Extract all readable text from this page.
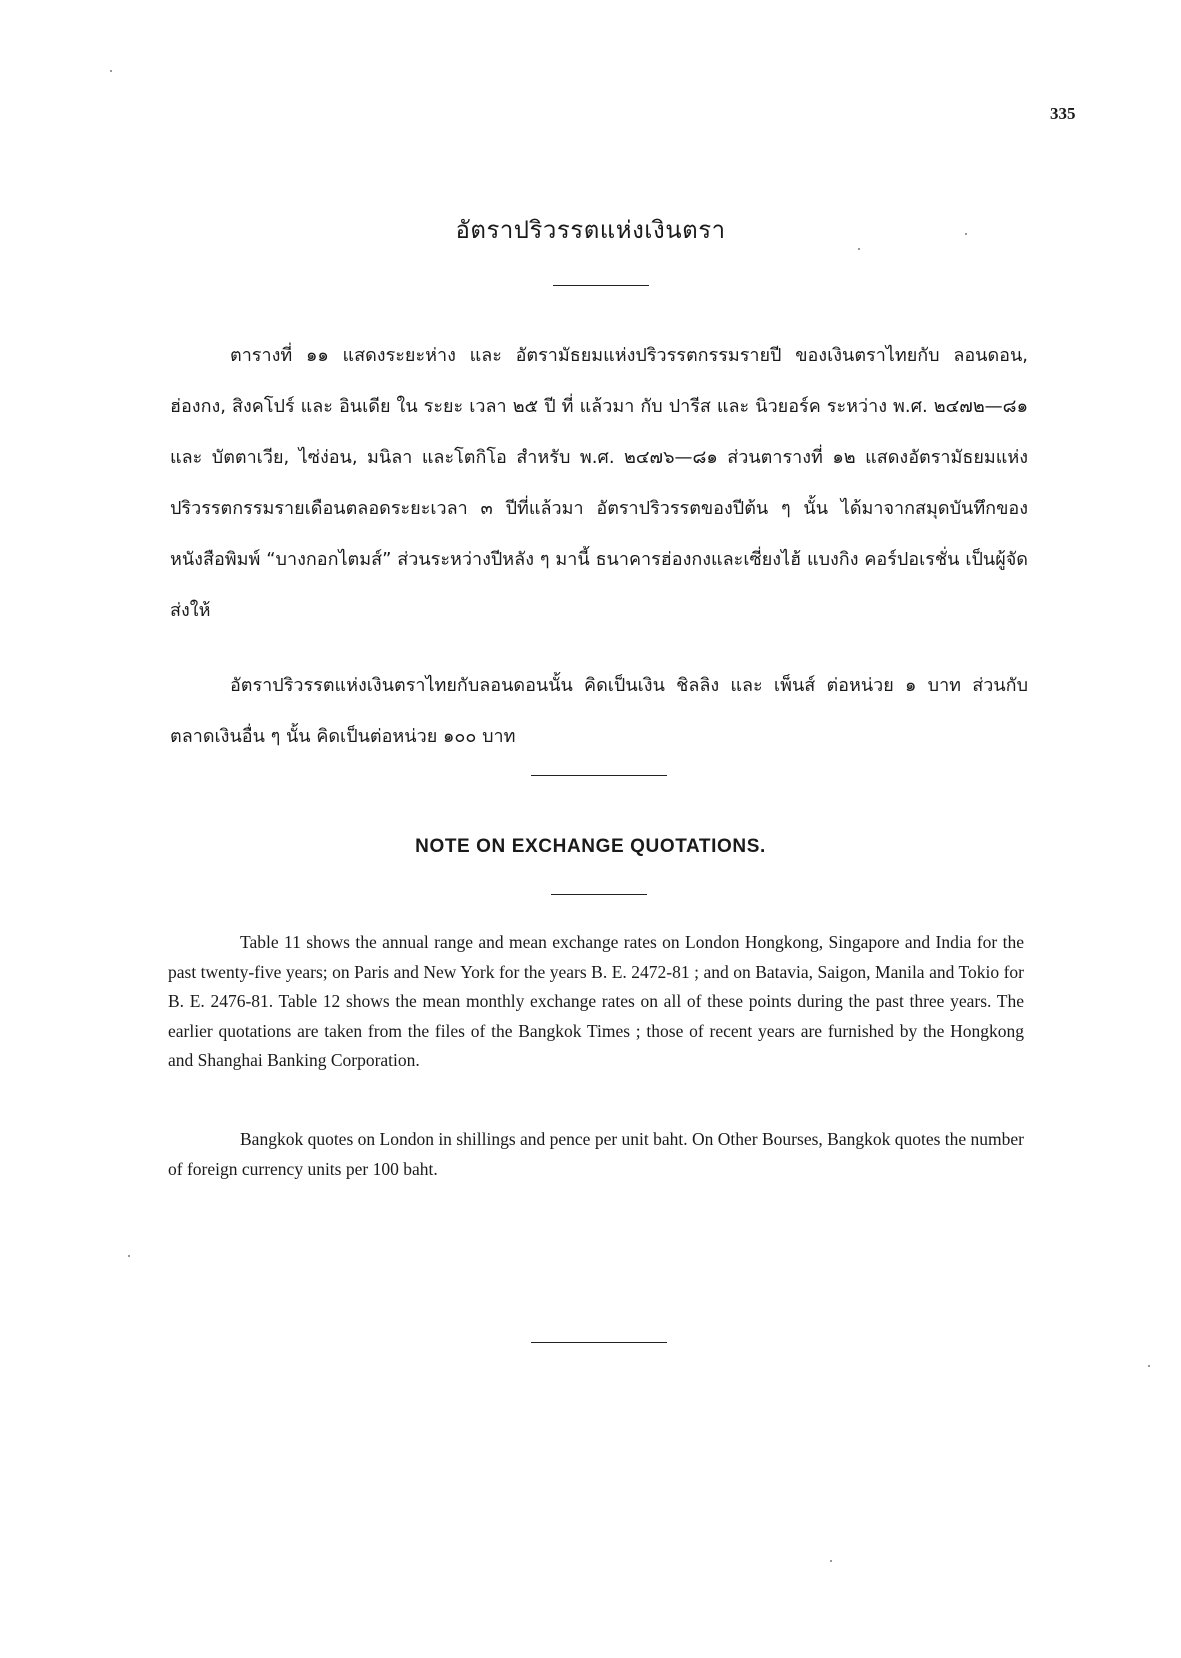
335
อัตราปริวรรตแห่งเงินตรา

ตารางที่ ๑๑ แสดงระยะห่าง และ อัตรามัธยมแห่งปริวรรตกรรมรายปี ของเงินตราไทยกับ ลอนดอน, ฮ่องกง, สิงคโปร์ และ อินเดีย ใน ระยะ เวลา ๒๕ ปี ที่ แล้วมา กับ ปารีส และ นิวยอร์ค ระหว่าง พ.ศ. ๒๔๗๒—๘๑ และ บัตตาเวีย, ไซ่ง่อน, มนิลา และโตกิโอ สำหรับ พ.ศ. ๒๔๗๖—๘๑ ส่วนตารางที่ ๑๒ แสดงอัตรามัธยมแห่งปริวรรตกรรมรายเดือนตลอดระยะเวลา ๓ ปีที่แล้วมา อัตราปริวรรตของปีต้น ๆ นั้น ได้มาจากสมุดบันทึกของหนังสือพิมพ์ “บางกอกไตมส์” ส่วนระหว่างปีหลัง ๆ มานี้ ธนาคารฮ่องกงและเซี่ยงไฮ้ แบงกิง คอร์ปอเรชั่น เป็นผู้จัดส่งให้

อัตราปริวรรตแห่งเงินตราไทยกับลอนดอนนั้น คิดเป็นเงิน ชิลลิง และ เพ็นส์ ต่อหน่วย ๑ บาท ส่วนกับตลาดเงินอื่น ๆ นั้น คิดเป็นต่อหน่วย ๑๐๐ บาท

NOTE ON EXCHANGE QUOTATIONS.

Table 11 shows the annual range and mean exchange rates on London Hongkong, Singapore and India for the past twenty-five years; on Paris and New York for the years B. E. 2472-81 ; and on Batavia, Saigon, Manila and Tokio for B. E. 2476-81. Table 12 shows the mean monthly exchange rates on all of these points during the past three years. The earlier quotations are taken from the files of the Bangkok Times ; those of recent years are furnished by the Hongkong and Shanghai Banking Corporation.

Bangkok quotes on London in shillings and pence per unit baht. On Other Bourses, Bangkok quotes the number of foreign currency units per 100 baht.
